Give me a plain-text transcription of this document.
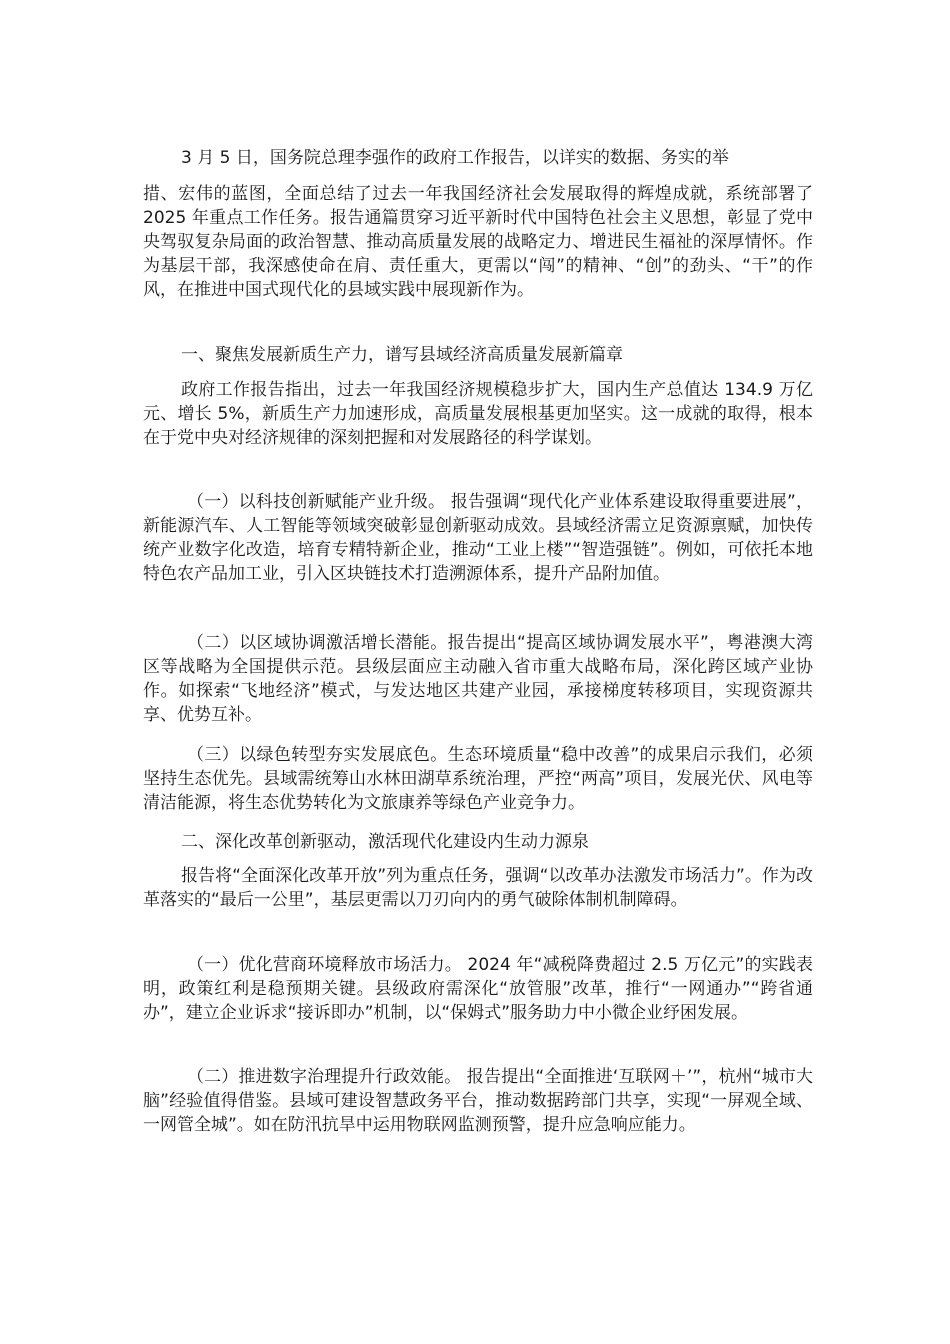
3 月 5 日，国务院总理李强作的政府工作报告，以详实的数据、务实的举

措、宏伟的蓝图，全面总结了过去一年我国经济社会发展取得的辉煌成就，系统部署了 2025 年重点工作任务。报告通篇贯穿习近平新时代中国特色社会主义思想，彰显了党中央驾驭复杂局面的政治智慧、推动高质量发展的战略定力、增进民生福祉的深厚情怀。作为基层干部，我深感使命在肩、责任重大，更需以“闯”的精神、“创”的劲头、“干”的作风，在推进中国式现代化的县域实践中展现新作为。

一、聚焦发展新质生产力，谱写县域经济高质量发展新篇章

政府工作报告指出，过去一年我国经济规模稳步扩大，国内生产总值达 134.9 万亿元、增长 5%，新质生产力加速形成，高质量发展根基更加坚实。这一成就的取得，根本在于党中央对经济规律的深刻把握和对发展路径的科学谋划。

（一）以科技创新赋能产业升级。 报告强调“现代化产业体系建设取得重要进展”，新能源汽车、人工智能等领域突破彰显创新驱动成效。县域经济需立足资源禀赋，加快传统产业数字化改造，培育专精特新企业，推动“工业上楼”“智造强链”。例如，可依托本地特色农产品加工业，引入区块链技术打造溯源体系，提升产品附加值。

（二）以区域协调激活增长潜能。报告提出“提高区域协调发展水平”，粤港澳大湾区等战略为全国提供示范。县级层面应主动融入省市重大战略布局，深化跨区域产业协作。如探索“飞地经济”模式，与发达地区共建产业园，承接梯度转移项目，实现资源共享、优势互补。

（三）以绿色转型夯实发展底色。生态环境质量“稳中改善”的成果启示我们，必须坚持生态优先。县域需统筹山水林田湖草系统治理，严控“两高”项目，发展光伏、风电等清洁能源，将生态优势转化为文旅康养等绿色产业竞争力。

二、深化改革创新驱动，激活现代化建设内生动力源泉

报告将“全面深化改革开放”列为重点任务，强调“以改革办法激发市场活力”。作为改革落实的“最后一公里”，基层更需以刀刃向内的勇气破除体制机制障碍。

（一）优化营商环境释放市场活力。 2024 年“减税降费超过 2.5 万亿元”的实践表明，政策红利是稳预期关键。县级政府需深化“放管服”改革，推行“一网通办”“跨省通办”，建立企业诉求“接诉即办”机制，以“保姆式”服务助力中小微企业纾困发展。

（二）推进数字治理提升行政效能。 报告提出“全面推进‘互联网＋’”，杭州“城市大脑”经验值得借鉴。县域可建设智慧政务平台，推动数据跨部门共享，实现“一屏观全域、一网管全城”。如在防汛抗旱中运用物联网监测预警，提升应急响应能力。
